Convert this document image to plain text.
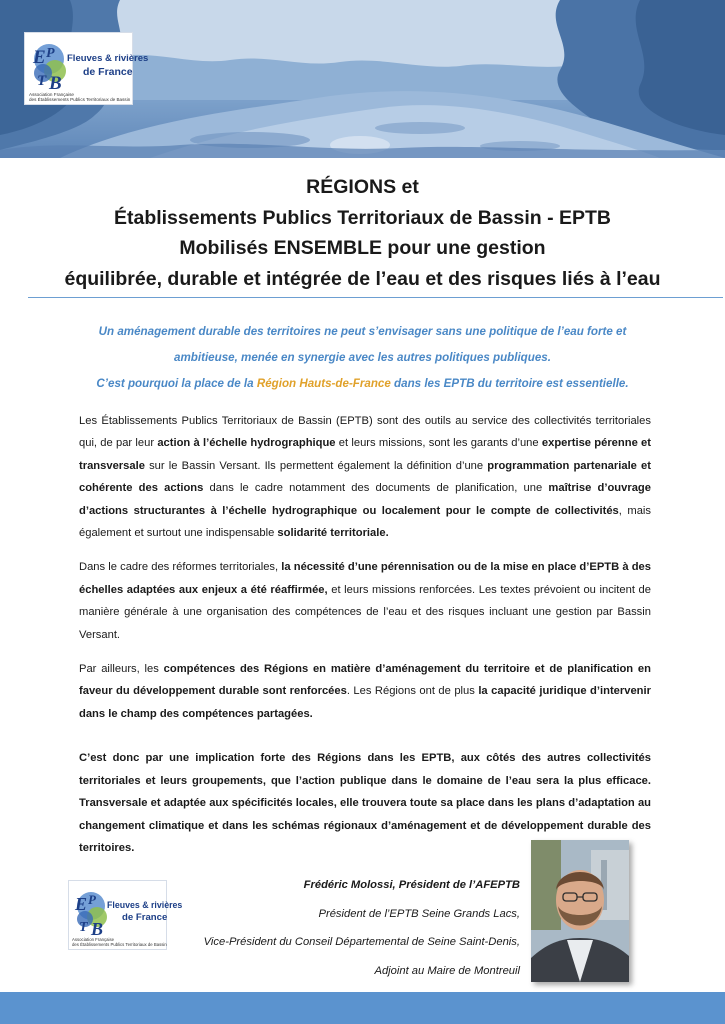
E P
T B
Fleuves & rivières
de France
Association Française
des Établissements Publics Territoriaux de Bassin
RÉGIONS et
Établissements Publics Territoriaux de Bassin - EPTB
Mobilisés ENSEMBLE pour une gestion
équilibrée, durable et intégrée de l’eau et des risques liés à l’eau
Un aménagement durable des territoires ne peut s’envisager sans une politique de l’eau forte et
ambitieuse, menée en synergie avec les autres politiques publiques.
C’est pourquoi la place de la Région Hauts-de-France dans les EPTB du territoire est essentielle.

Les Établissements Publics Territoriaux de Bassin (EPTB) sont des outils au service des collectivités territoriales qui, de par leur action à l’échelle hydrographique et leurs missions, sont les garants d’une expertise pérenne et transversale sur le Bassin Versant. Ils permettent également la définition d’une programmation partenariale et cohérente des actions dans le cadre notamment des documents de planification, une maîtrise d’ouvrage d’actions structurantes à l’échelle hydrographique ou localement pour le compte de collectivités, mais également et surtout une indispensable solidarité territoriale.

Dans le cadre des réformes territoriales, la nécessité d’une pérennisation ou de la mise en place d’EPTB à des échelles adaptées aux enjeux a été réaffirmée, et leurs missions renforcées. Les textes prévoient ou incitent de manière générale à une organisation des compétences de l’eau et des risques incluant une gestion par Bassin Versant.

Par ailleurs, les compétences des Régions en matière d’aménagement du territoire et de planification en faveur du développement durable sont renforcées. Les Régions ont de plus la capacité juridique d’intervenir dans le champ des compétences partagées.

C’est donc par une implication forte des Régions dans les EPTB, aux côtés des autres collectivités territoriales et leurs groupements, que l’action publique dans le domaine de l’eau sera la plus efficace. Transversale et adaptée aux spécificités locales, elle trouvera toute sa place dans les plans d’adaptation au changement climatique et dans les schémas régionaux d’aménagement et de développement durable des territoires.

E P
T B
Fleuves & rivières
de France
Association Française
des Établissements Publics Territoriaux de Bassin
Frédéric Molossi, Président de l’AFEPTB
Président de l’EPTB Seine Grands Lacs,
Vice-Président du Conseil Départemental de Seine Saint-Denis,
Adjoint au Maire de Montreuil
